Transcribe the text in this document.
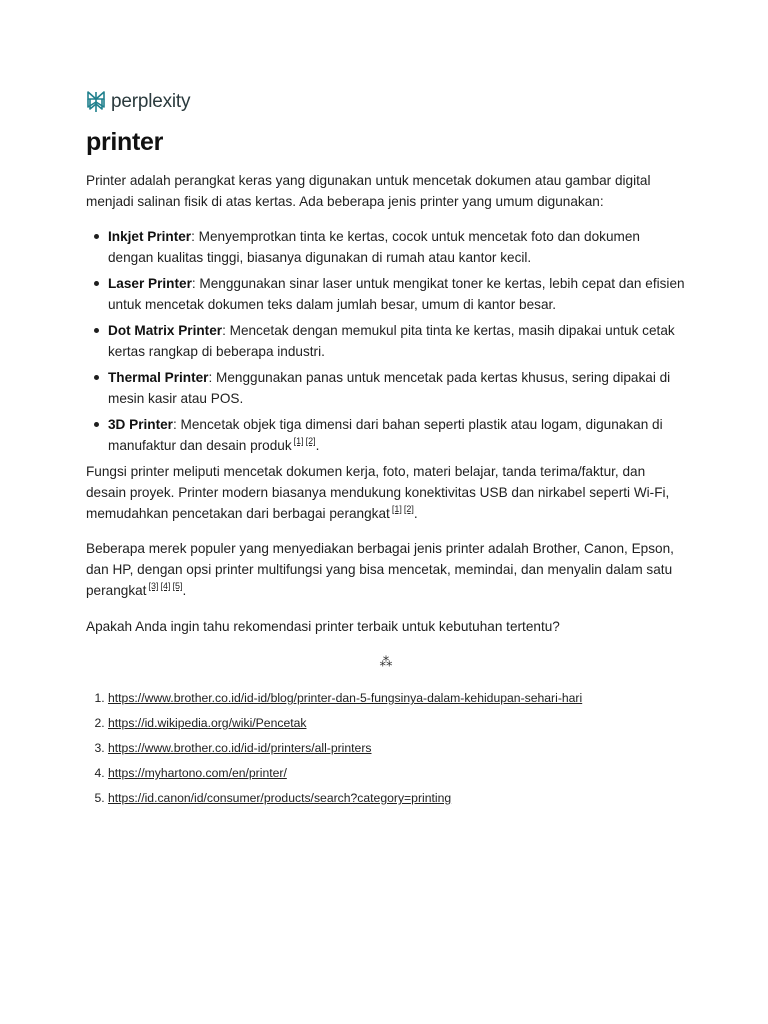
perplexity
printer

Printer adalah perangkat keras yang digunakan untuk mencetak dokumen atau gambar digital menjadi salinan fisik di atas kertas. Ada beberapa jenis printer yang umum digunakan:

Inkjet Printer: Menyemprotkan tinta ke kertas, cocok untuk mencetak foto dan dokumen dengan kualitas tinggi, biasanya digunakan di rumah atau kantor kecil.
Laser Printer: Menggunakan sinar laser untuk mengikat toner ke kertas, lebih cepat dan efisien untuk mencetak dokumen teks dalam jumlah besar, umum di kantor besar.
Dot Matrix Printer: Mencetak dengan memukul pita tinta ke kertas, masih dipakai untuk cetak kertas rangkap di beberapa industri.
Thermal Printer: Menggunakan panas untuk mencetak pada kertas khusus, sering dipakai di mesin kasir atau POS.
3D Printer: Mencetak objek tiga dimensi dari bahan seperti plastik atau logam, digunakan di manufaktur dan desain produk [1] [2].

Fungsi printer meliputi mencetak dokumen kerja, foto, materi belajar, tanda terima/faktur, dan desain proyek. Printer modern biasanya mendukung konektivitas USB dan nirkabel seperti Wi-Fi, memudahkan pencetakan dari berbagai perangkat [1] [2].

Beberapa merek populer yang menyediakan berbagai jenis printer adalah Brother, Canon, Epson, dan HP, dengan opsi printer multifungsi yang bisa mencetak, memindai, dan menyalin dalam satu perangkat [3] [4] [5].

Apakah Anda ingin tahu rekomendasi printer terbaik untuk kebutuhan tertentu?

⁂
1. https://www.brother.co.id/id-id/blog/printer-dan-5-fungsinya-dalam-kehidupan-sehari-hari
2. https://id.wikipedia.org/wiki/Pencetak
3. https://www.brother.co.id/id-id/printers/all-printers
4. https://myhartono.com/en/printer/
5. https://id.canon/id/consumer/products/search?category=printing
